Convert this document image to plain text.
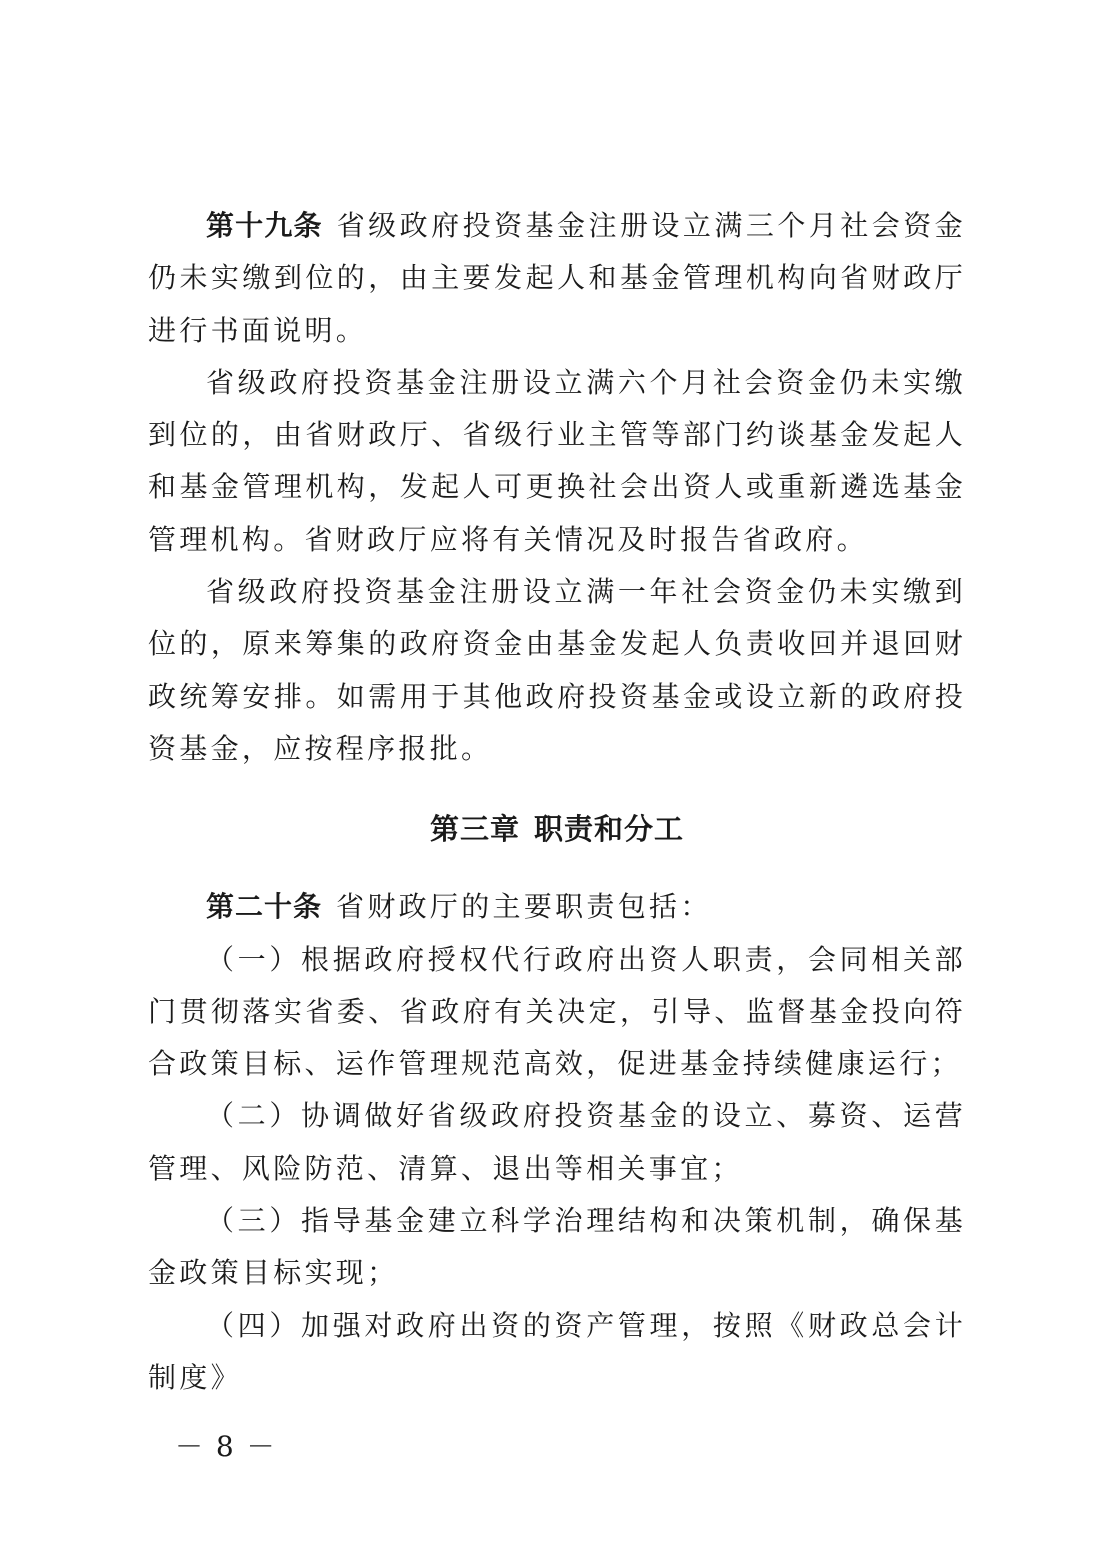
第十九条 省级政府投资基金注册设立满三个月社会资金仍未实缴到位的，由主要发起人和基金管理机构向省财政厅进行书面说明。

省级政府投资基金注册设立满六个月社会资金仍未实缴到位的，由省财政厅、省级行业主管等部门约谈基金发起人和基金管理机构，发起人可更换社会出资人或重新遴选基金管理机构。省财政厅应将有关情况及时报告省政府。

省级政府投资基金注册设立满一年社会资金仍未实缴到位的，原来筹集的政府资金由基金发起人负责收回并退回财政统筹安排。如需用于其他政府投资基金或设立新的政府投资基金，应按程序报批。

第三章 职责和分工

第二十条 省财政厅的主要职责包括：

（一）根据政府授权代行政府出资人职责，会同相关部门贯彻落实省委、省政府有关决定，引导、监督基金投向符合政策目标、运作管理规范高效，促进基金持续健康运行；

（二）协调做好省级政府投资基金的设立、募资、运营管理、风险防范、清算、退出等相关事宜；

（三）指导基金建立科学治理结构和决策机制，确保基金政策目标实现；

（四）加强对政府出资的资产管理，按照《财政总会计制度》

－ 8 －
